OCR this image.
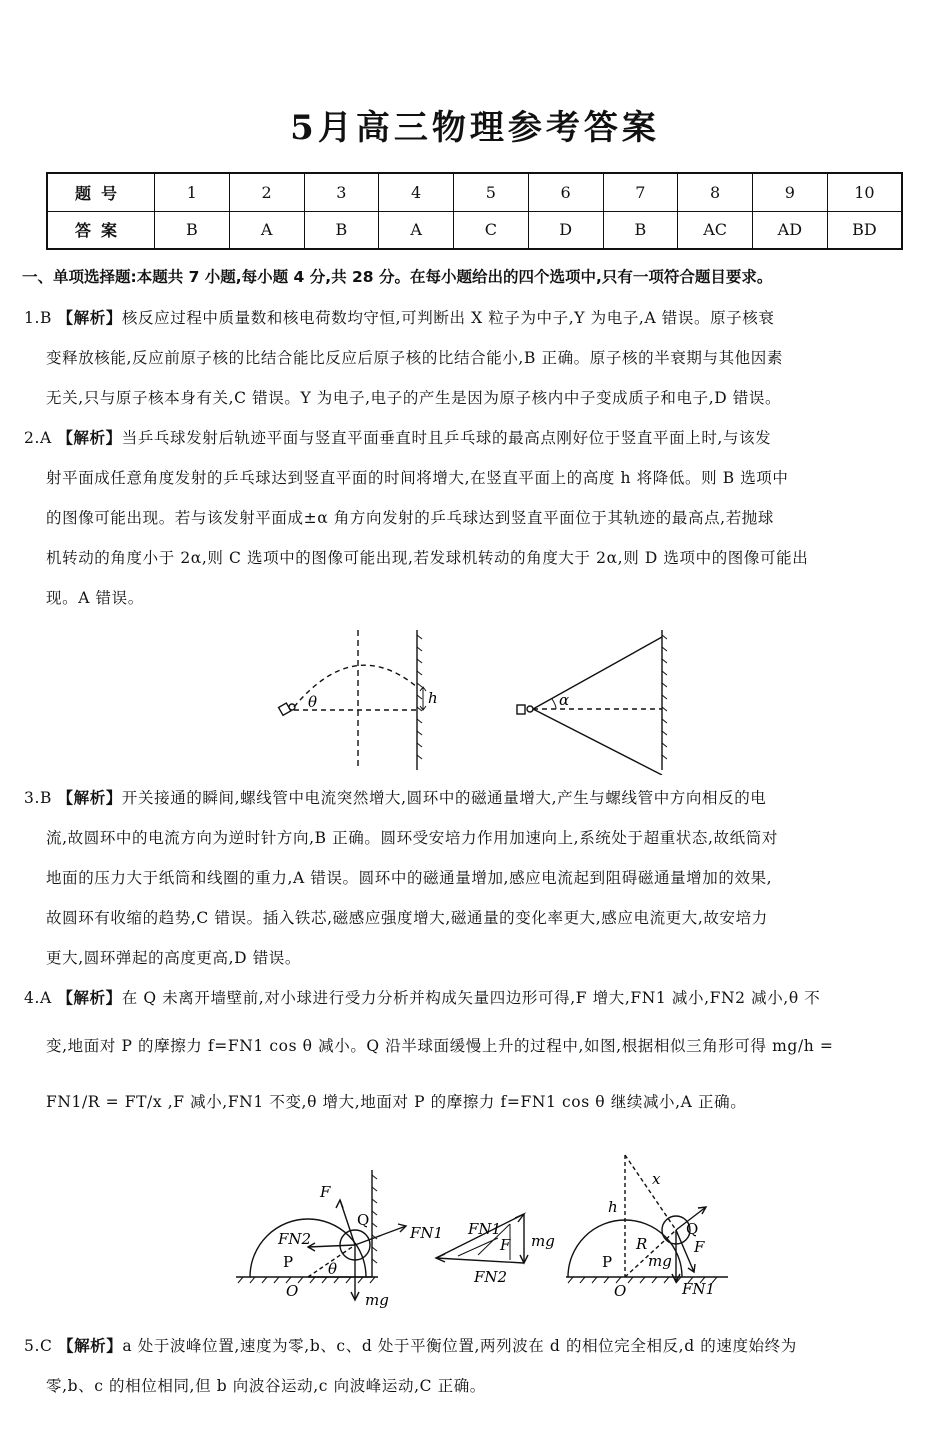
5月高三物理参考答案
题号	1	2	3	4	5	6	7	8	9	10
答案	B	A	B	A	C	D	B	AC	AD	BD
一、单项选择题:本题共 7 小题,每小题 4 分,共 28 分。在每小题给出的四个选项中,只有一项符合题目要求。
1.B 【解析】核反应过程中质量数和核电荷数均守恒,可判断出 X 粒子为中子,Y 为电子,A 错误。原子核衰
变释放核能,反应前原子核的比结合能比反应后原子核的比结合能小,B 正确。原子核的半衰期与其他因素
无关,只与原子核本身有关,C 错误。Y 为电子,电子的产生是因为原子核内中子变成质子和电子,D 错误。
2.A 【解析】当乒乓球发射后轨迹平面与竖直平面垂直时且乒乓球的最高点刚好位于竖直平面上时,与该发
射平面成任意角度发射的乒乓球达到竖直平面的时间将增大,在竖直平面上的高度 h 将降低。则 B 选项中
的图像可能出现。若与该发射平面成±α 角方向发射的乒乓球达到竖直平面位于其轨迹的最高点,若抛球
机转动的角度小于 2α,则 C 选项中的图像可能出现,若发球机转动的角度大于 2α,则 D 选项中的图像可能出
现。A 错误。
θ	h	α
3.B 【解析】开关接通的瞬间,螺线管中电流突然增大,圆环中的磁通量增大,产生与螺线管中方向相反的电
流,故圆环中的电流方向为逆时针方向,B 正确。圆环受安培力作用加速向上,系统处于超重状态,故纸筒对
地面的压力大于纸筒和线圈的重力,A 错误。圆环中的磁通量增加,感应电流起到阻碍磁通量增加的效果,
故圆环有收缩的趋势,C 错误。插入铁芯,磁感应强度增大,磁通量的变化率更大,感应电流更大,故安培力
更大,圆环弹起的高度更高,D 错误。
4.A 【解析】在 Q 未离开墙壁前,对小球进行受力分析并构成矢量四边形可得,F 增大,FN1 减小,FN2 减小,θ 不
变,地面对 P 的摩擦力 f=FN1 cos θ 减小。Q 沿半球面缓慢上升的过程中,如图,根据相似三角形可得 mg/h =
FN1/R = FT/x ,F 减小,FN1 不变,θ 增大,地面对 P 的摩擦力 f=FN1 cos θ 继续减小,A 正确。
F
Q
FN1
FN2
P θ
O	mg
FN1
F mg
FN2
x
h
R
P mg
Q
F
FN1
O
5.C 【解析】a 处于波峰位置,速度为零,b、c、d 处于平衡位置,两列波在 d 的相位完全相反,d 的速度始终为
零,b、c 的相位相同,但 b 向波谷运动,c 向波峰运动,C 正确。
